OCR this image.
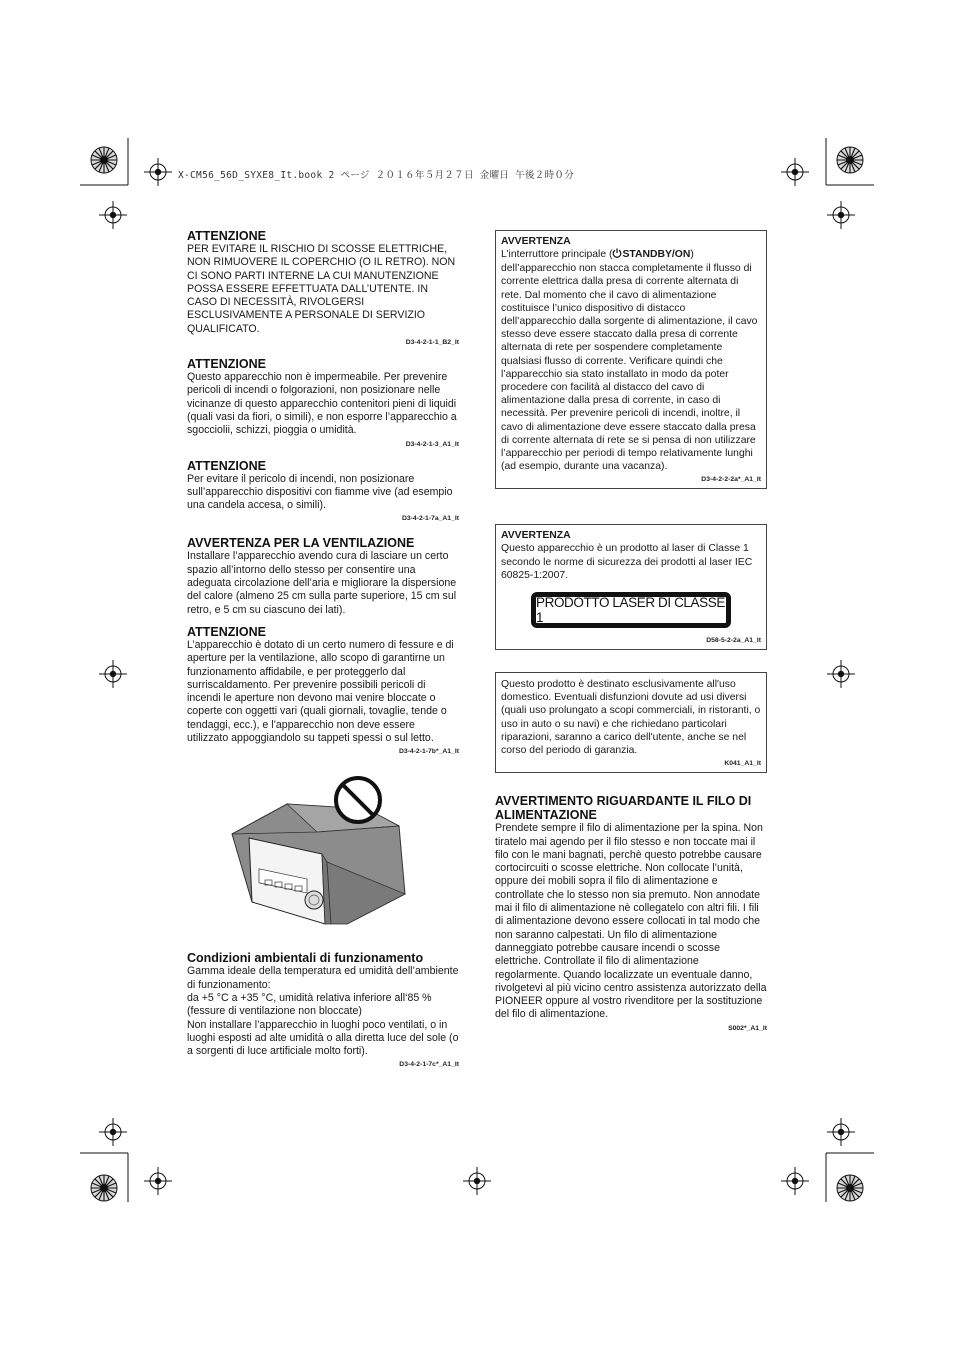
X-CM56_56D_SYXE8_It.book 2 ページ ２０１６年５月２７日 金曜日 午後２時０分
ATTENZIONE

PER EVITARE IL RISCHIO DI SCOSSE ELETTRICHE, NON RIMUOVERE IL COPERCHIO (O IL RETRO). NON CI SONO PARTI INTERNE LA CUI MANUTENZIONE POSSA ESSERE EFFETTUATA DALL’UTENTE. IN CASO DI NECESSITÀ, RIVOLGERSI ESCLUSIVAMENTE A PERSONALE DI SERVIZIO QUALIFICATO.

D3-4-2-1-1_B2_It
ATTENZIONE

Questo apparecchio non è impermeabile. Per prevenire pericoli di incendi o folgorazioni, non posizionare nelle vicinanze di questo apparecchio contenitori pieni di liquidi (quali vasi da fiori, o simili), e non esporre l’apparecchio a sgocciolii, schizzi, pioggia o umidità.

D3-4-2-1-3_A1_It
ATTENZIONE

Per evitare il pericolo di incendi, non posizionare sull’apparecchio dispositivi con fiamme vive (ad esempio una candela accesa, o simili).

D3-4-2-1-7a_A1_It
AVVERTENZA PER LA VENTILAZIONE

Installare l’apparecchio avendo cura di lasciare un certo spazio all’intorno dello stesso per consentire una adeguata circolazione dell’aria e migliorare la dispersione del calore (almeno 25 cm sulla parte superiore, 15 cm sul retro, e 5 cm su ciascuno dei lati).

ATTENZIONE

L’apparecchio è dotato di un certo numero di fessure e di aperture per la ventilazione, allo scopo di garantirne un funzionamento affidabile, e per proteggerlo dal surriscaldamento. Per prevenire possibili pericoli di incendi le aperture non devono mai venire bloccate o coperte con oggetti vari (quali giornali, tovaglie, tende o tendaggi, ecc.), e l’apparecchio non deve essere utilizzato appoggiandolo su tappeti spessi o sul letto.

D3-4-2-1-7b*_A1_It
Condizioni ambientali di funzionamento

Gamma ideale della temperatura ed umidità dell’ambiente di funzionamento:
da +5 °C a +35 °C, umidità relativa inferiore all‘85 % (fessure di ventilazione non bloccate)
Non installare l’apparecchio in luoghi poco ventilati, o in luoghi esposti ad alte umidità o alla diretta luce del sole (o a sorgenti di luce artificiale molto forti).

D3-4-2-1-7c*_A1_It
AVVERTENZA

L’interruttore principale ( STANDBY/ON) dell’apparecchio non stacca completamente il flusso di corrente elettrica dalla presa di corrente alternata di rete. Dal momento che il cavo di alimentazione costituisce l’unico dispositivo di distacco dell’apparecchio dalla sorgente di alimentazione, il cavo stesso deve essere staccato dalla presa di corrente alternata di rete per sospendere completamente qualsiasi flusso di corrente. Verificare quindi che l’apparecchio sia stato installato in modo da poter procedere con facilità al distacco del cavo di alimentazione dalla presa di corrente, in caso di necessità. Per prevenire pericoli di incendi, inoltre, il cavo di alimentazione deve essere staccato dalla presa di corrente alternata di rete se si pensa di non utilizzare l’apparecchio per periodi di tempo relativamente lunghi (ad esempio, durante una vacanza).

D3-4-2-2-2a*_A1_It
AVVERTENZA

Questo apparecchio è un prodotto al laser di Classe 1 secondo le norme di sicurezza dei prodotti al laser IEC 60825-1:2007.

PRODOTTO LASER DI CLASSE 1
D58-5-2-2a_A1_It

Questo prodotto è destinato esclusivamente all'uso domestico. Eventuali disfunzioni dovute ad usi diversi (quali uso prolungato a scopi commerciali, in ristoranti, o uso in auto o su navi) e che richiedano particolari riparazioni, saranno a carico dell'utente, anche se nel corso del periodo di garanzia.

K041_A1_It
AVVERTIMENTO RIGUARDANTE IL FILO DI ALIMENTAZIONE

Prendete sempre il filo di alimentazione per la spina. Non tiratelo mai agendo per il filo stesso e non toccate mai il filo con le mani bagnati, perchè questo potrebbe causare cortocircuiti o scosse elettriche. Non collocate l’unità, oppure dei mobili sopra il filo di alimentazione e controllate che lo stesso non sia premuto. Non annodate mai il filo di alimentazione nè collegatelo con altri fili. I fili di alimentazione devono essere collocati in tal modo che non saranno calpestati. Un filo di alimentazione danneggiato potrebbe causare incendi o scosse elettriche. Controllate il filo di alimentazione regolarmente. Quando localizzate un eventuale danno, rivolgetevi al più vicino centro assistenza autorizzato della PIONEER oppure al vostro rivenditore per la sostituzione del filo di alimentazione.

S002*_A1_It
